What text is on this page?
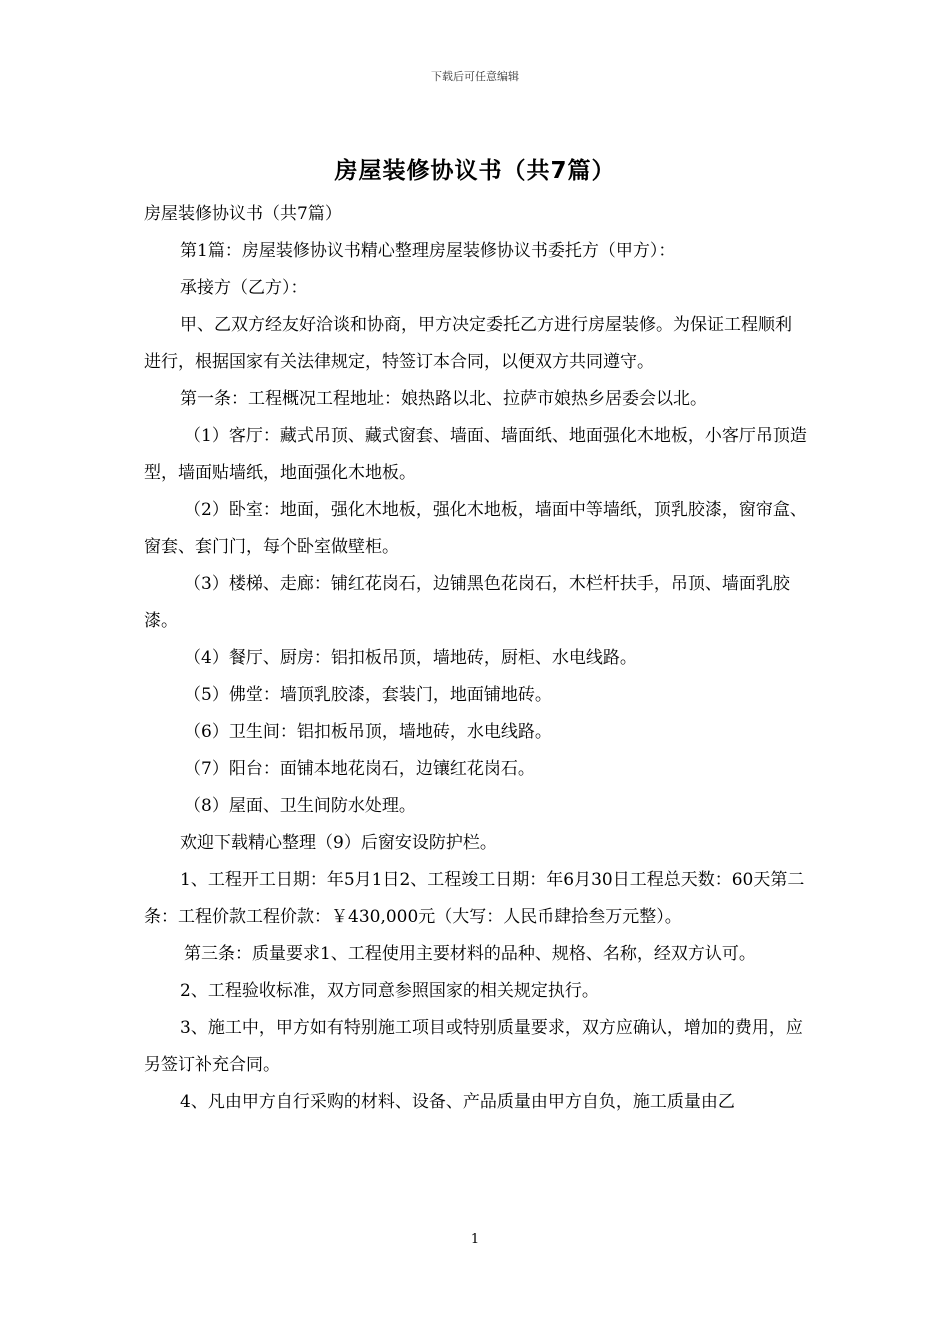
下载后可任意编辑
房屋装修协议书（共7篇）

房屋装修协议书（共7篇）

第1篇：房屋装修协议书精心整理房屋装修协议书委托方（甲方）：

承接方（乙方）：

甲、乙双方经友好洽谈和协商，甲方决定委托乙方进行房屋装修。为保证工程顺利进行，根据国家有关法律规定，特签订本合同，以便双方共同遵守。

第一条：工程概况工程地址：娘热路以北、拉萨市娘热乡居委会以北。

（1）客厅：藏式吊顶、藏式窗套、墙面、墙面纸、地面强化木地板，小客厅吊顶造型，墙面贴墙纸，地面强化木地板。

（2）卧室：地面，强化木地板，强化木地板，墙面中等墙纸，顶乳胶漆，窗帘盒、窗套、套门门，每个卧室做壁柜。

（3）楼梯、走廊：铺红花岗石，边铺黑色花岗石，木栏杆扶手，吊顶、墙面乳胶漆。

（4）餐厅、厨房：铝扣板吊顶，墙地砖，厨柜、水电线路。

（5）佛堂：墙顶乳胶漆，套装门，地面铺地砖。

（6）卫生间：铝扣板吊顶，墙地砖，水电线路。

（7）阳台：面铺本地花岗石，边镶红花岗石。

（8）屋面、卫生间防水处理。

欢迎下载精心整理（9）后窗安设防护栏。

1、工程开工日期：年5月1日2、工程竣工日期：年6月30日工程总天数：60天第二条：工程价款工程价款：￥430,000元（大写：人民币肆拾叁万元整）。

第三条：质量要求1、工程使用主要材料的品种、规格、名称，经双方认可。

2、工程验收标准，双方同意参照国家的相关规定执行。

3、施工中，甲方如有特别施工项目或特别质量要求，双方应确认，增加的费用，应另签订补充合同。

4、凡由甲方自行采购的材料、设备、产品质量由甲方自负，施工质量由乙

1
